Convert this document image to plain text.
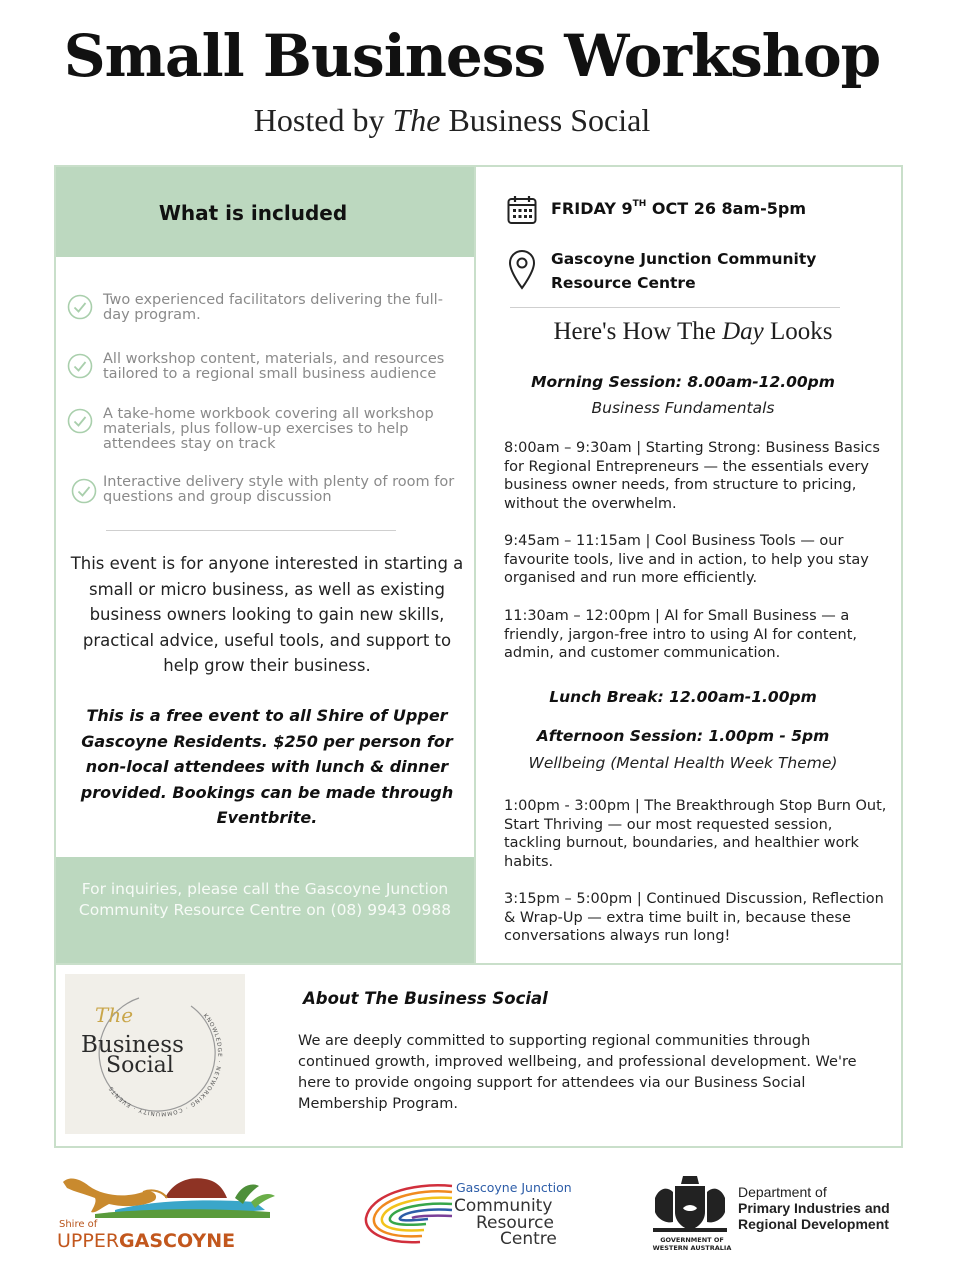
Small Business Workshop
Hosted by The Business Social
What is included
Two experienced facilitators delivering the full-day program.
All workshop content, materials, and resources tailored to a regional small business audience
A take-home workbook covering all workshop materials, plus follow-up exercises to help attendees stay on track
Interactive delivery style with plenty of room for questions and group discussion
This event is for anyone interested in starting a small or micro business, as well as existing business owners looking to gain new skills, practical advice, useful tools, and support to help grow their business.
This is a free event to all Shire of Upper Gascoyne Residents. $250 per person for non-local attendees with lunch & dinner provided. Bookings can be made through Eventbrite.
For inquiries, please call the Gascoyne Junction Community Resource Centre on (08) 9943 0988
FRIDAY 9TH OCT 26 8am-5pm
Gascoyne Junction Community Resource Centre
Here's How The Day Looks
Morning Session: 8.00am-12.00pm
Business Fundamentals
8:00am – 9:30am | Starting Strong: Business Basics for Regional Entrepreneurs — the essentials every business owner needs, from structure to pricing, without the overwhelm.
9:45am – 11:15am | Cool Business Tools — our favourite tools, live and in action, to help you stay organised and run more efficiently.
11:30am – 12:00pm | AI for Small Business — a friendly, jargon-free intro to using AI for content, admin, and customer communication.
Lunch Break: 12.00am-1.00pm
Afternoon Session: 1.00pm - 5pm
Wellbeing (Mental Health Week Theme)
1:00pm - 3:00pm | The Breakthrough Stop Burn Out, Start Thriving — our most requested session, tackling burnout, boundaries, and healthier work habits.
3:15pm – 5:00pm | Continued Discussion, Reflection & Wrap-Up — extra time built in, because these conversations always run long!
KNOWLEDGE · NETWORKING · COMMUNITY · EVENTS
The
Business
Social
About The Business Social
We are deeply committed to supporting regional communities through continued growth, improved wellbeing, and professional development. We're here to provide ongoing support for attendees via our Business Social Membership Program.
Shire of
UPPERGASCOYNE
Gascoyne Junction
Community
Resource
Centre	GOVERNMENT OF WESTERN AUSTRALIA
Department of
Primary Industries and
Regional Development
